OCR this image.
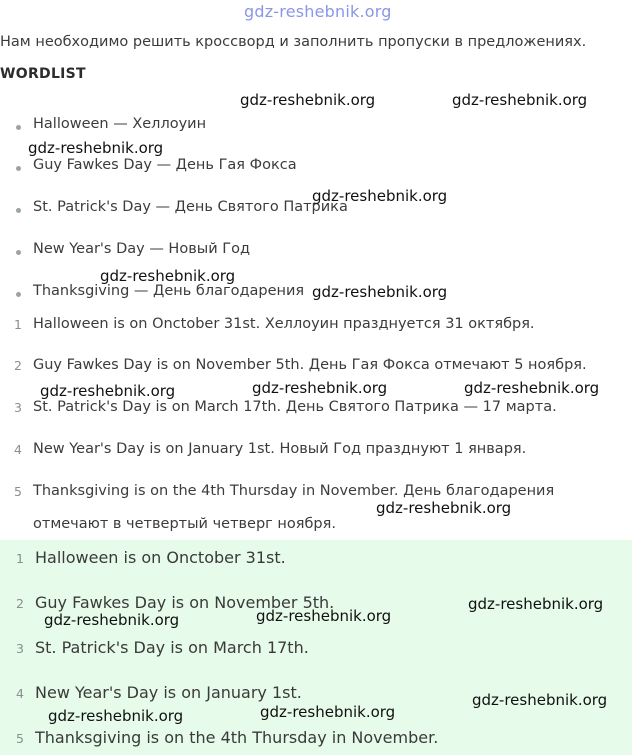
gdz-reshebnik.org
Нам необходимо решить кроссворд и заполнить пропуски в предложениях.
WORDLIST
Halloween — Хеллоуин
Guy Fawkes Day — День Гая Фокса
St. Patrick's Day — День Святого Патрика
New Year's Day — Новый Год
Thanksgiving — День благодарения
1 Halloween is on Onctober 31st. Хеллоуин празднуется 31 октября.
2 Guy Fawkes Day is on November 5th. День Гая Фокса отмечают 5 ноября.
3 St. Patrick's Day is on March 17th. День Святого Патрика — 17 марта.
4 New Year's Day is on January 1st. Новый Год празднуют 1 января.
5 Thanksgiving is on the 4th Thursday in November. День благодарения отмечают в четвертый четверг ноября.
1 Halloween is on Onctober 31st.
2 Guy Fawkes Day is on November 5th.
3 St. Patrick's Day is on March 17th.
4 New Year's Day is on January 1st.
5 Thanksgiving is on the 4th Thursday in November.
gdz-reshebnik.org	gdz-reshebnik.org
gdz-reshebnik.org
gdz-reshebnik.org
gdz-reshebnik.org
gdz-reshebnik.org
gdz-reshebnik.org	gdz-reshebnik.org	gdz-reshebnik.org
gdz-reshebnik.org
gdz-reshebnik.org
gdz-reshebnik.org
gdz-reshebnik.org
gdz-reshebnik.org
gdz-reshebnik.org	gdz-reshebnik.org
